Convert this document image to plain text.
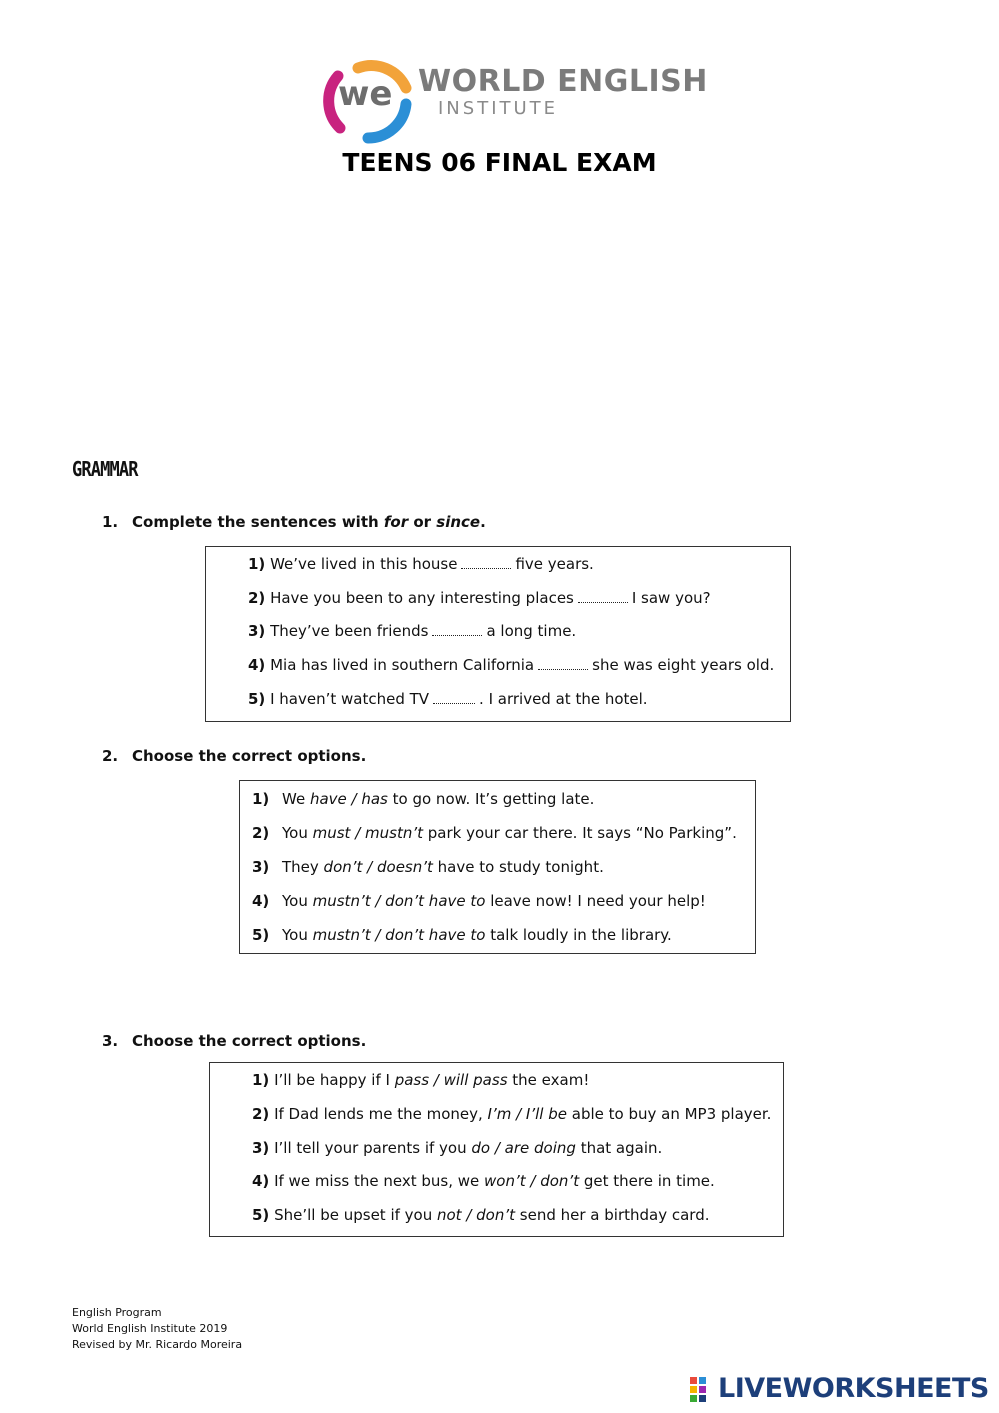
we WORLD ENGLISH
INSTITUTE
TEENS 06 FINAL EXAM
GRAMMAR
1. Complete the sentences with for or since.
1) We’ve lived in this house	five years.
2) Have you been to any interesting places	I saw you?
3) They’ve been friends	a long time.
4) Mia has lived in southern California	she was eight years old.
5) I haven’t watched TV	. I arrived at the hotel.
2. Choose the correct options.
1) We have / has to go now. It’s getting late.
2) You must / mustn’t park your car there. It says “No Parking”.
3) They don’t / doesn’t have to study tonight.
4) You mustn’t / don’t have to leave now! I need your help!
5) You mustn’t / don’t have to talk loudly in the library.
3. Choose the correct options.
1) I’ll be happy if I pass / will pass the exam!
2) If Dad lends me the money, I’m / I’ll be able to buy an MP3 player.
3) I’ll tell your parents if you do / are doing that again.
4) If we miss the next bus, we won’t / don’t get there in time.
5) She’ll be upset if you not / don’t send her a birthday card.
English Program
World English Institute 2019
Revised by Mr. Ricardo Moreira
LIVEWORKSHEETS
